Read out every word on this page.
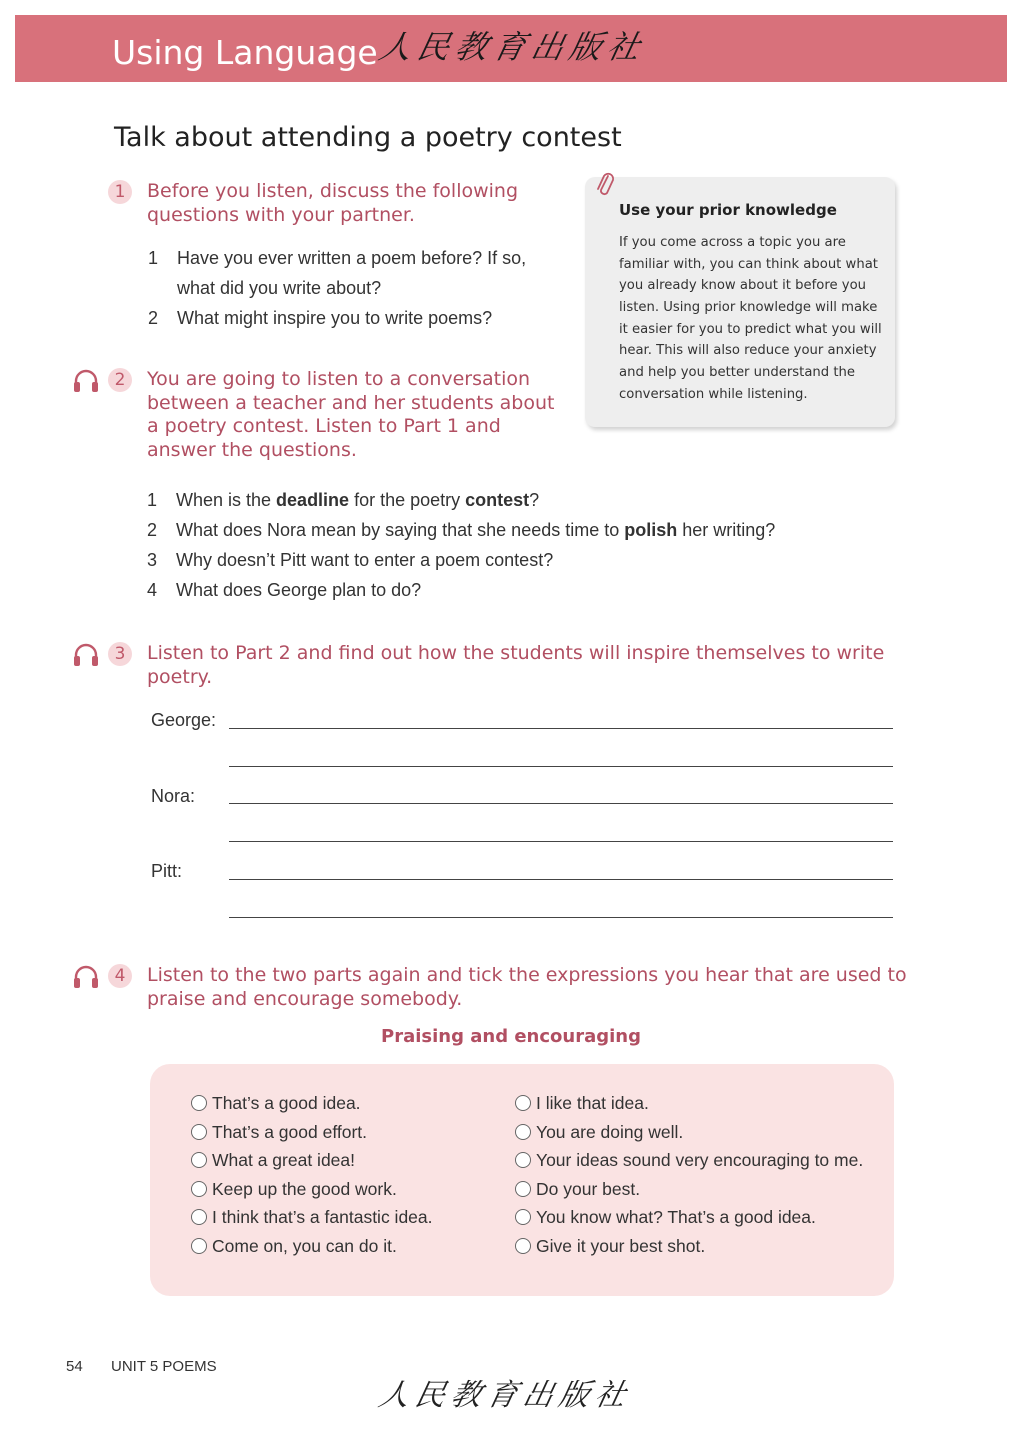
Using Language
人民教育出版社
Talk about attending a poetry contest
1	Before you listen, discuss the following
questions with your partner.
1 Have you ever written a poem before? If so,
what did you write about?
2 What might inspire you to write poems?
Use your prior knowledge
If you come across a topic you are
familiar with, you can think about what
you already know about it before you
listen. Using prior knowledge will make
it easier for you to predict what you will
hear. This will also reduce your anxiety
and help you better understand the
conversation while listening.
2	You are going to listen to a conversation
between a teacher and her students about
a poetry contest. Listen to Part 1 and
answer the questions.
1 When is the deadline for the poetry contest?
2 What does Nora mean by saying that she needs time to polish her writing?
3 Why doesn’t Pitt want to enter a poem contest?
4 What does George plan to do?
3	Listen to Part 2 and find out how the students will inspire themselves to write
poetry.
George:
Nora:
Pitt:
4	Listen to the two parts again and tick the expressions you hear that are used to
praise and encourage somebody.
Praising and encouraging
That’s a good idea.
That’s a good effort.
What a great idea!
Keep up the good work.
I think that’s a fantastic idea.
Come on, you can do it.
I like that idea.
You are doing well.
Your ideas sound very encouraging to me.
Do your best.
You know what? That’s a good idea.
Give it your best shot.
54 UNIT 5 POEMS
人民教育出版社
